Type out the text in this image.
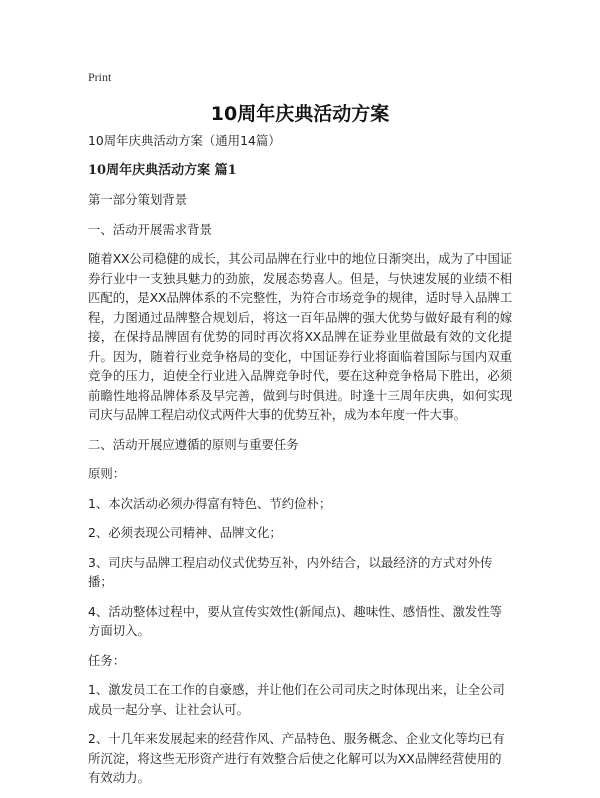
Print
10周年庆典活动方案

10周年庆典活动方案（通用14篇）

10周年庆典活动方案 篇1

第一部分策划背景

一、活动开展需求背景

随着XX公司稳健的成长，其公司品牌在行业中的地位日渐突出，成为了中国证券行业中一支独具魅力的劲旅，发展态势喜人。但是，与快速发展的业绩不相匹配的，是XX品牌体系的不完整性，为符合市场竞争的规律，适时导入品牌工程，力图通过品牌整合规划后，将这一百年品牌的强大优势与做好最有利的嫁接，在保持品牌固有优势的同时再次将XX品牌在证券业里做最有效的文化提升。因为，随着行业竞争格局的变化，中国证券行业将面临着国际与国内双重竞争的压力，迫使全行业进入品牌竞争时代，要在这种竞争格局下胜出，必须前瞻性地将品牌体系及早完善，做到与时俱进。时逢十三周年庆典，如何实现司庆与品牌工程启动仪式两件大事的优势互补，成为本年度一件大事。

二、活动开展应遵循的原则与重要任务

原则：

1、本次活动必须办得富有特色、节约俭朴；

2、必须表现公司精神、品牌文化；

3、司庆与品牌工程启动仪式优势互补，内外结合，以最经济的方式对外传播；

4、活动整体过程中，要从宣传实效性(新闻点)、趣味性、感悟性、激发性等方面切入。

任务：

1、激发员工在工作的自豪感，并让他们在公司司庆之时体现出来，让全公司成员一起分享、让社会认可。

2、十几年来发展起来的经营作风、产品特色、服务概念、企业文化等均已有所沉淀，将这些无形资产进行有效整合后使之化解可以为XX品牌经营使用的有效动力。
